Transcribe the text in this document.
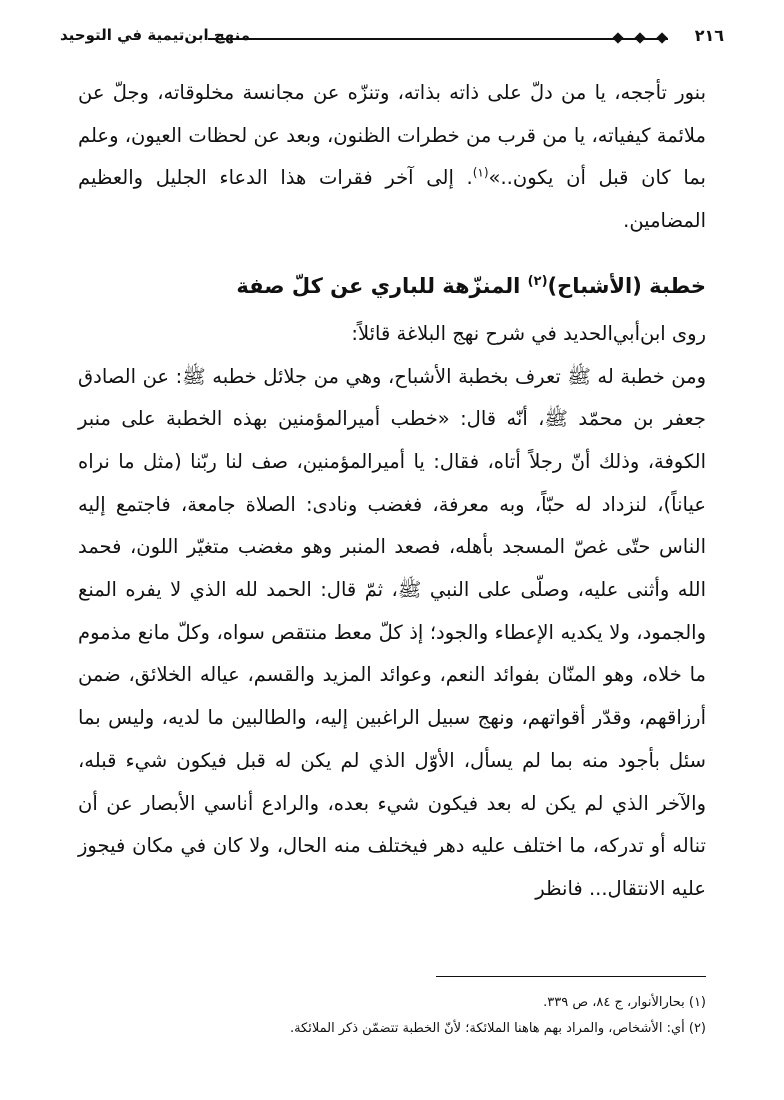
٢١٦
منهج ابن‌تيمية في التوحيد

بنور تأججه، يا من دلّ على ذاته بذاته، وتنزّه عن مجانسة مخلوقاته، وجلّ عن ملائمة كيفياته، يا من قرب من خطرات الظنون، وبعد عن لحظات العيون، وعلم بما كان قبل أن يكون..»$^{(١)}$. إلى آخر فقرات هذا الدعاء الجليل والعظيم المضامين.

خطبة (الأشباح)$^{(٢)}$ المنزّهة للباري عن كلّ صفة

روى ابن‌أبي‌الحديد في شرح نهج البلاغة قائلاً:

ومن خطبة له ﷺ تعرف بخطبة الأشباح، وهي من جلائل خطبه ﷺ: عن الصادق جعفر بن محمّد ﷺ، أنّه قال: «خطب أميرالمؤمنين بهذه الخطبة على منبر الكوفة، وذلك أنّ رجلاً أتاه، فقال: يا أميرالمؤمنين، صف لنا ربّنا (مثل ما نراه عياناً)، لنزداد له حبّاً، وبه معرفة، فغضب ونادى: الصلاة جامعة، فاجتمع إليه الناس حتّى غصّ المسجد بأهله، فصعد المنبر وهو مغضب متغيّر اللون، فحمد الله وأثنى عليه، وصلّى على النبي ﷺ، ثمّ قال: الحمد لله الذي لا يفره المنع والجمود، ولا يكديه الإعطاء والجود؛ إذ كلّ معط منتقص سواه، وكلّ مانع مذموم ما خلاه، وهو المنّان بفوائد النعم، وعوائد المزيد والقسم، عياله الخلائق، ضمن أرزاقهم، وقدّر أقواتهم، ونهج سبيل الراغبين إليه، والطالبين ما لديه، وليس بما سئل بأجود منه بما لم يسأل، الأوّل الذي لم يكن له قبل فيكون شيء قبله، والآخر الذي لم يكن له بعد فيكون شيء بعده، والرادع أناسي الأبصار عن أن تناله أو تدركه، ما اختلف عليه دهر فيختلف منه الحال، ولا كان في مكان فيجوز عليه الانتقال... فانظر

(١) بحارالأنوار، ج ٨٤، ص ٣٣٩.

(٢) أي: الأشخاص، والمراد بهم هاهنا الملائكة؛ لأنّ الخطبة تتضمّن ذكر الملائكة.
